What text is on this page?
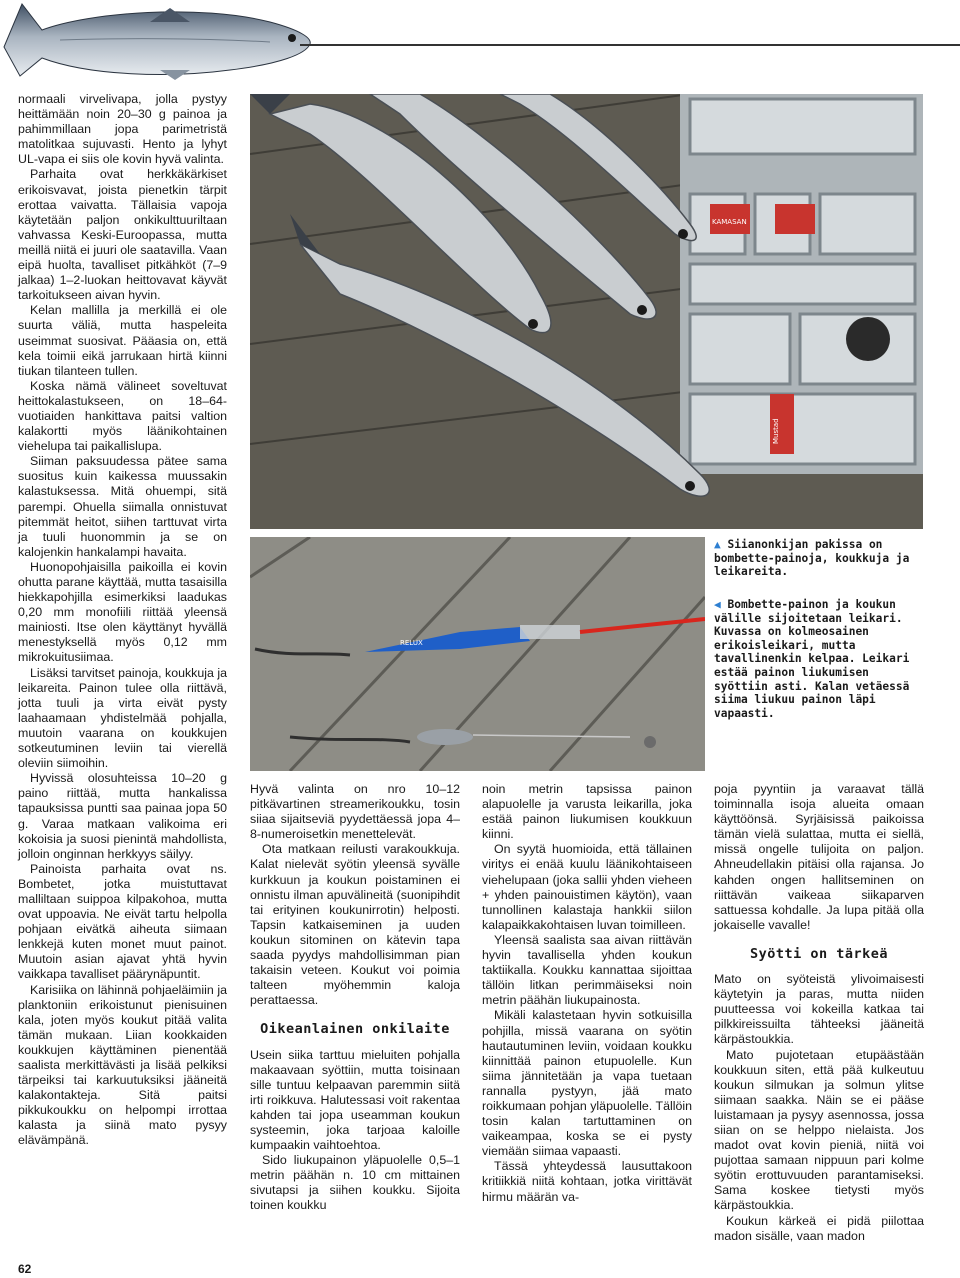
normaali virvelivapa, jolla pystyy heittämään noin 20–30 g painoa ja pahimmillaan jopa parimetristä matolitkaa sujuvasti. Hento ja lyhyt UL-vapa ei siis ole kovin hyvä valinta.

Parhaita ovat herkkäkärkiset erikoisvavat, joista pienetkin tärpit erottaa vaivatta. Tällaisia vapoja käytetään paljon onkikulttuuriltaan vahvassa Keski-Euroopassa, mutta meillä niitä ei juuri ole saatavilla. Vaan eipä huolta, tavalliset pitkähköt (7–9 jalkaa) 1–2-luokan heittovavat käyvät tarkoitukseen aivan hyvin.

Kelan mallilla ja merkillä ei ole suurta väliä, mutta haspeleita useimmat suosivat. Pääasia on, että kela toimii eikä jarrukaan hirtä kiinni tiukan tilanteen tullen.

Koska nämä välineet soveltuvat heittokalastukseen, on 18–64-vuotiaiden hankittava paitsi valtion kalakortti myös läänikohtainen viehelupa tai paikallislupa.

Siiman paksuudessa pätee sama suositus kuin kaikessa muussakin kalastuksessa. Mitä ohuempi, sitä parempi. Ohuella siimalla onnistuvat pitemmät heitot, siihen tarttuvat virta ja tuuli huonommin ja se on kalojenkin hankalampi havaita.

Huonopohjaisilla paikoilla ei kovin ohutta parane käyttää, mutta tasaisilla hiekkapohjilla esimerkiksi laadukas 0,20 mm monofiili riittää yleensä mainiosti. Itse olen käyttänyt hyvällä menestyksellä myös 0,12 mm mikrokuitusiimaa.

Lisäksi tarvitset painoja, koukkuja ja leikareita. Painon tulee olla riittävä, jotta tuuli ja virta eivät pysty laahaamaan yhdistelmää pohjalla, muutoin vaarana on koukkujen sotkeutuminen leviin tai vierellä oleviin siimoihin.

Hyvissä olosuhteissa 10–20 g paino riittää, mutta hankalissa tapauksissa puntti saa painaa jopa 50 g. Varaa matkaan valikoima eri kokoisia ja suosi pienintä mahdollista, jolloin onginnan herkkyys säilyy.

Painoista parhaita ovat ns. Bombetet, jotka muistuttavat malliltaan suippoa kilpakohoa, mutta ovat uppoavia. Ne eivät tartu helpolla pohjaan eivätkä aiheuta siimaan lenkkejä kuten monet muut painot. Muutoin asian ajavat yhtä hyvin vaikkapa tavalliset päärynäpuntit.

Karisiika on lähinnä pohjaeläimiin ja planktoniin erikoistunut pienisuinen kala, joten myös koukut pitää valita tämän mukaan. Liian kookkaiden koukkujen käyttäminen pienentää saalista merkittävästi ja lisää pelkiksi tärpeiksi tai karkuutuksiksi jääneitä kalakontakteja. Sitä paitsi pikkukoukku on helpompi irrottaa kalasta ja siinä mato pysyy elävämpänä.

KAMASAN
Mustad
RELUX
▲ Siianonkijan pakissa on bombette-painoja, koukkuja ja leikareita.
◀ Bombette-painon ja koukun välille sijoitetaan leikari. Kuvassa on kolmeosainen erikoisleikari, mutta tavallinenkin kelpaa. Leikari estää painon liukumisen syöttiin asti. Kalan vetäessä siima liukuu painon läpi vapaasti.

Hyvä valinta on nro 10–12 pitkävartinen streamerikoukku, tosin siiaa sijaitseviä pyydettäessä jopa 4–8-numeroisetkin menettelevät.

Ota matkaan reilusti varakoukkuja. Kalat nielevät syötin yleensä syvälle kurkkuun ja koukun poistaminen ei onnistu ilman apuvälineitä (suonipihdit tai erityinen koukunirrotin) helposti. Tapsin katkaiseminen ja uuden koukun sitominen on kätevin tapa saada pyydys mahdollisimman pian takaisin veteen. Koukut voi poimia talteen myöhemmin kaloja perattaessa.

Oikeanlainen onkilaite

Usein siika tarttuu mieluiten pohjalla makaavaan syöttiin, mutta toisinaan sille tuntuu kelpaavan paremmin siitä irti roikkuva. Halutessasi voit rakentaa kahden tai jopa useamman koukun systeemin, joka tarjoaa kaloille kumpaakin vaihtoehtoa.

Sido liukupainon yläpuolelle 0,5–1 metrin päähän n. 10 cm mittainen sivutapsi ja siihen koukku. Sijoita toinen koukku

noin metrin tapsissa painon alapuolelle ja varusta leikarilla, joka estää painon liukumisen koukkuun kiinni.

On syytä huomioida, että tällainen viritys ei enää kuulu läänikohtaiseen viehelupaan (joka sallii yhden vieheen + yhden painouistimen käytön), vaan tunnollinen kalastaja hankkii siilon kalapaikkakohtaisen luvan toimilleen.

Yleensä saalista saa aivan riittävän hyvin tavallisella yhden koukun taktiikalla. Koukku kannattaa sijoittaa tällöin litkan perimmäiseksi noin metrin päähän liukupainosta.

Mikäli kalastetaan hyvin sotkuisilla pohjilla, missä vaarana on syötin hautautuminen leviin, voidaan koukku kiinnittää painon etupuolelle. Kun siima jännitetään ja vapa tuetaan rannalla pystyyn, jää mato roikkumaan pohjan yläpuolelle. Tällöin tosin kalan tartuttaminen on vaikeampaa, koska se ei pysty viemään siimaa vapaasti.

Tässä yhteydessä lausuttakoon kritiikkiä niitä kohtaan, jotka virittävät hirmu määrän va-

poja pyyntiin ja varaavat tällä toiminnalla isoja alueita omaan käyttöönsä. Syrjäisissä paikoissa tämän vielä sulattaa, mutta ei siellä, missä ongelle tulijoita on paljon. Ahneudellakin pitäisi olla rajansa. Jo kahden ongen hallitseminen on riittävän vaikeaa siikaparven sattuessa kohdalle. Ja lupa pitää olla jokaiselle vavalle!

Syötti on tärkeä

Mato on syöteistä ylivoimaisesti käytetyin ja paras, mutta niiden puutteessa voi kokeilla katkaa tai pilkkireissuilta tähteeksi jääneitä kärpästoukkia.

Mato pujotetaan etupäästään koukkuun siten, että pää kulkeutuu koukun silmukan ja solmun ylitse siimaan saakka. Näin se ei pääse luistamaan ja pysyy asennossa, jossa siian on se helppo nielaista. Jos madot ovat kovin pieniä, niitä voi pujottaa samaan nippuun pari kolme syötin erottuvuuden parantamiseksi. Sama koskee tietysti myös kärpästoukkia.

Koukun kärkeä ei pidä piilottaa madon sisälle, vaan madon

62
